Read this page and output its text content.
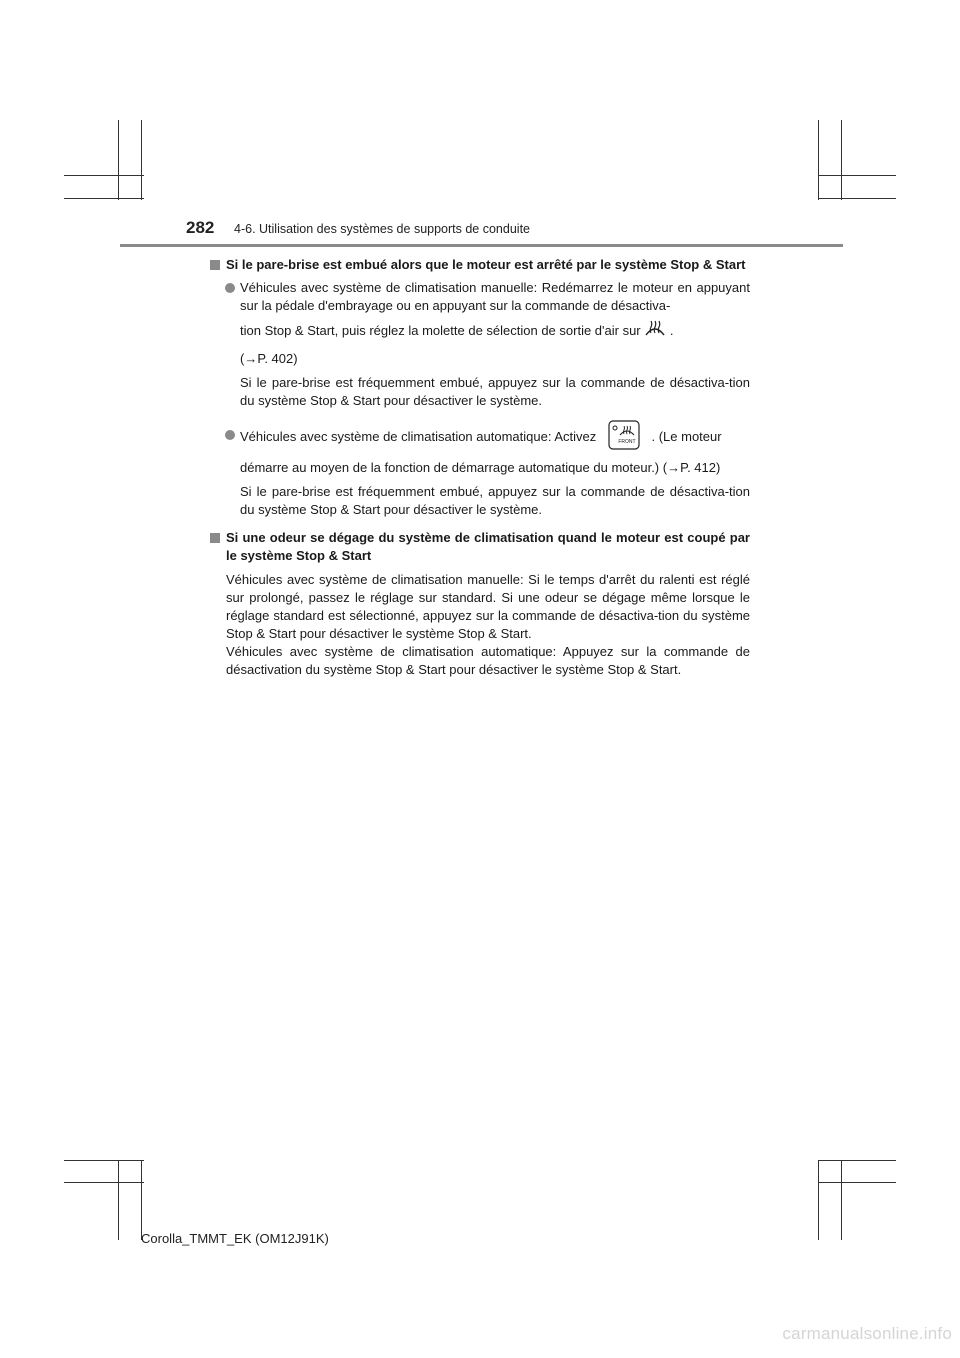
282 4-6. Utilisation des systèmes de supports de conduite
Si le pare-brise est embué alors que le moteur est arrêté par le système Stop & Start
Véhicules avec système de climatisation manuelle: Redémarrez le moteur en appuyant sur la pédale d'embrayage ou en appuyant sur la commande de désactiva-
tion Stop & Start, puis réglez la molette de sélection de sortie d'air sur .
(→P. 402)
Si le pare-brise est fréquemment embué, appuyez sur la commande de désactiva-tion du système Stop & Start pour désactiver le système.
Véhicules avec système de climatisation automatique: Activez	FRONT . (Le moteur
démarre au moyen de la fonction de démarrage automatique du moteur.) (→P. 412)
Si le pare-brise est fréquemment embué, appuyez sur la commande de désactiva-tion du système Stop & Start pour désactiver le système.
Si une odeur se dégage du système de climatisation quand le moteur est coupé par le système Stop & Start
Véhicules avec système de climatisation manuelle: Si le temps d'arrêt du ralenti est réglé sur prolongé, passez le réglage sur standard. Si une odeur se dégage même lorsque le réglage standard est sélectionné, appuyez sur la commande de désactiva-tion du système Stop & Start pour désactiver le système Stop & Start.
Véhicules avec système de climatisation automatique: Appuyez sur la commande de désactivation du système Stop & Start pour désactiver le système Stop & Start.
Corolla_TMMT_EK (OM12J91K)
carmanualsonline.info
